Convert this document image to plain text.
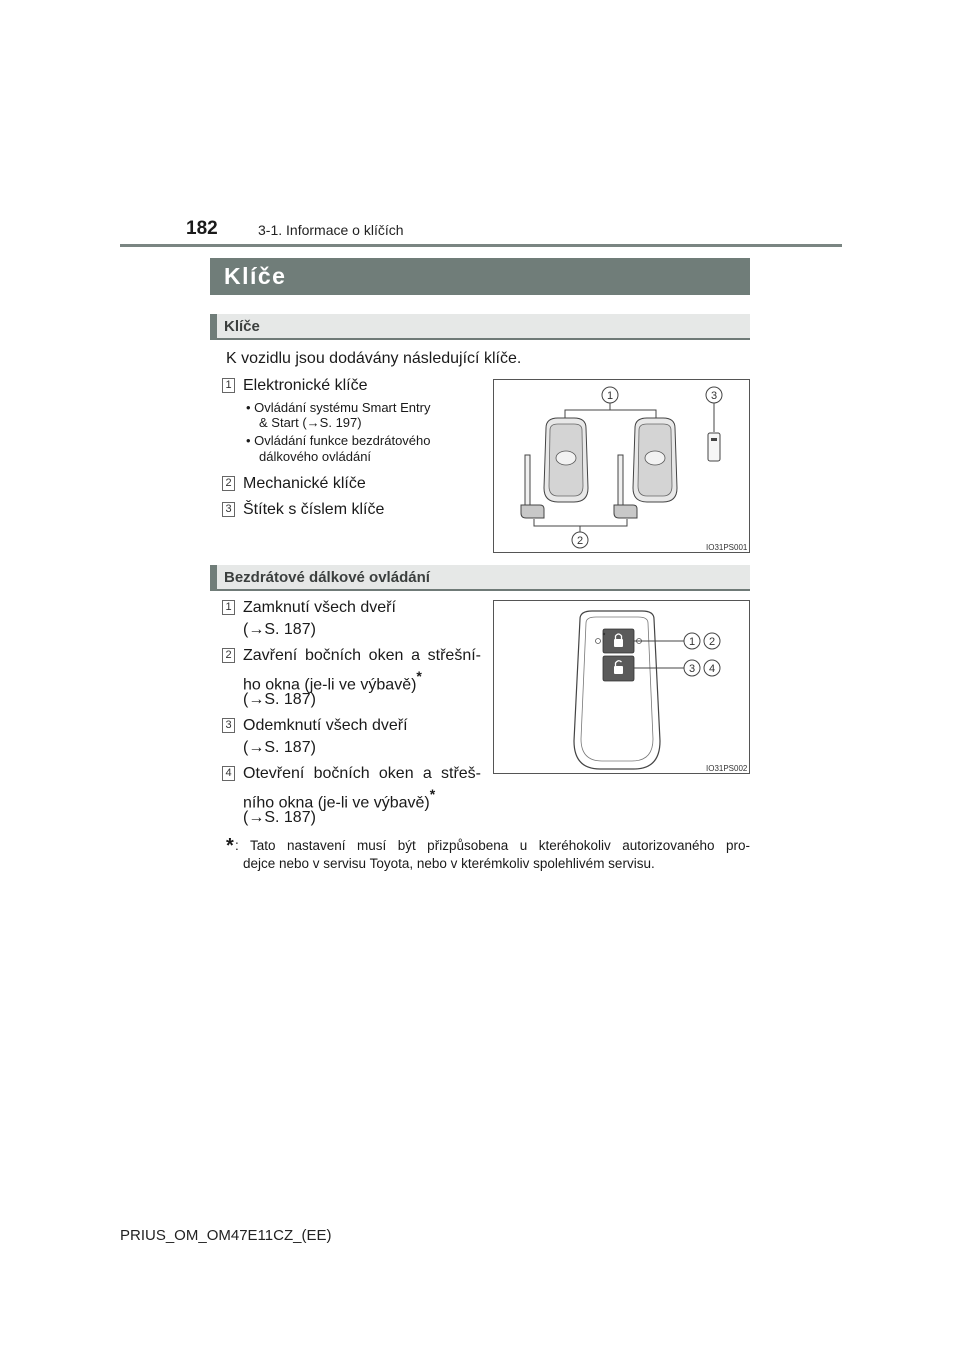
182	3-1. Informace o klíčích
Klíče
Klíče
K vozidlu jsou dodávány následující klíče.
1 Elektronické klíče
• Ovládání systému Smart Entry
& Start (→S. 197)
• Ovládání funkce bezdrátového
dálkového ovládání
2 Mechanické klíče
3 Štítek s číslem klíče
1	3
2
IO31PS001
Bezdrátové dálkové ovládání
1 Zamknutí všech dveří
(→S. 187)
2 Zavření bočních oken a střešní-
ho okna (je-li ve výbavě)*
(→S. 187)
3 Odemknutí všech dveří
(→S. 187)
4 Otevření bočních oken a střeš-
ního okna (je-li ve výbavě)*
(→S. 187)
1 2
3 4
IO31PS002
* : Tato nastavení musí být přizpůsobena u kteréhokoliv autorizovaného pro-
dejce nebo v servisu Toyota, nebo v kterémkoliv spolehlivém servisu.
PRIUS_OM_OM47E11CZ_(EE)
